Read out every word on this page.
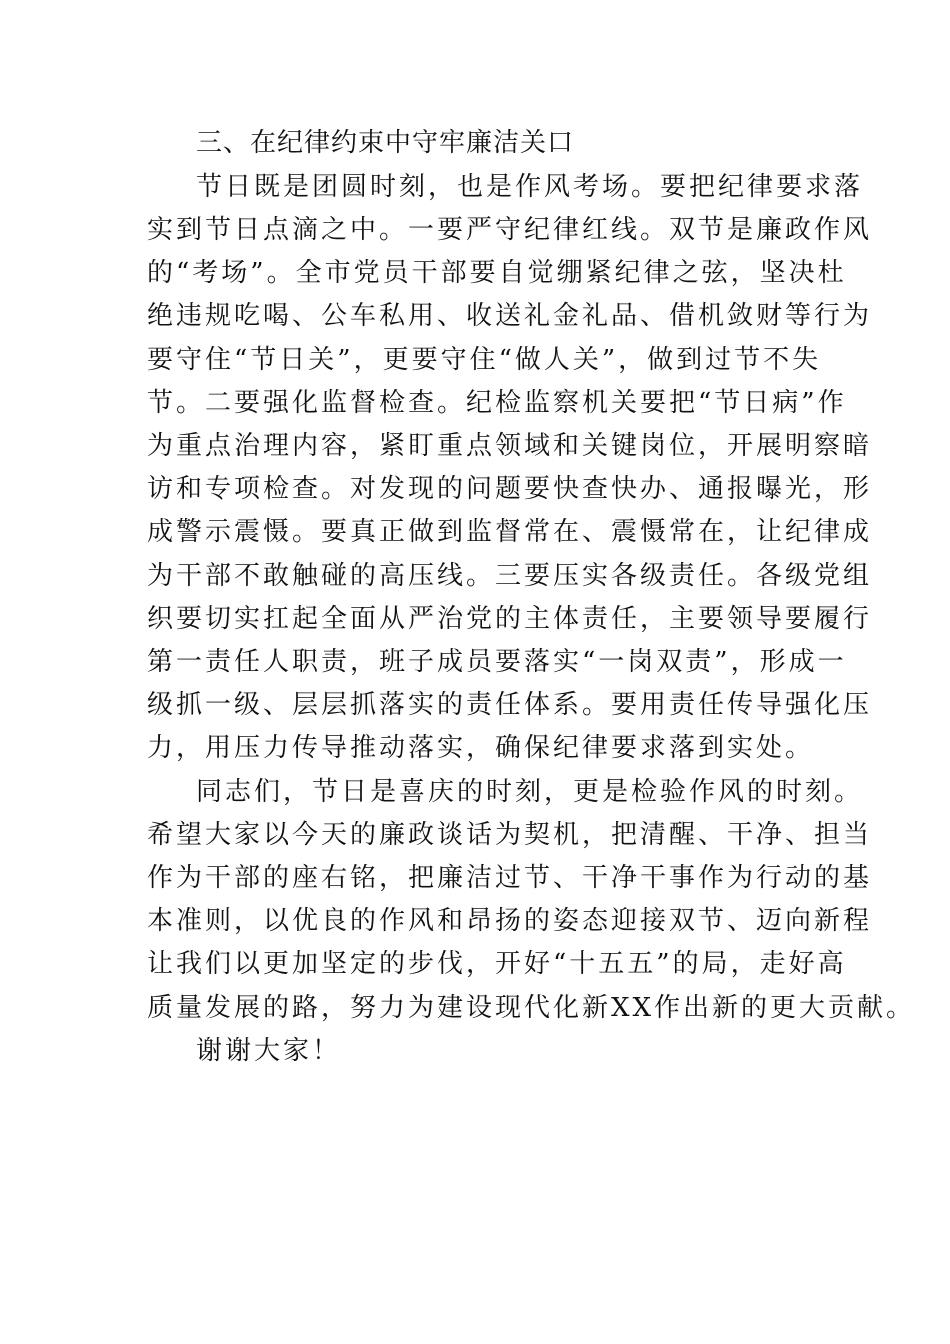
三、在纪律约束中守牢廉洁关口
节日既是团圆时刻，也是作风考场。要把纪律要求落
实到节日点滴之中。一要严守纪律红线。双节是廉政作风
的“考场”。全市党员干部要自觉绷紧纪律之弦，坚决杜
绝违规吃喝、公车私用、收送礼金礼品、借机敛财等行为
要守住“节日关”，更要守住“做人关”，做到过节不失
节。二要强化监督检查。纪检监察机关要把“节日病”作
为重点治理内容，紧盯重点领域和关键岗位，开展明察暗
访和专项检查。对发现的问题要快查快办、通报曝光，形
成警示震慑。要真正做到监督常在、震慑常在，让纪律成
为干部不敢触碰的高压线。三要压实各级责任。各级党组
织要切实扛起全面从严治党的主体责任，主要领导要履行
第一责任人职责，班子成员要落实“一岗双责”，形成一
级抓一级、层层抓落实的责任体系。要用责任传导强化压
力，用压力传导推动落实，确保纪律要求落到实处。
同志们，节日是喜庆的时刻，更是检验作风的时刻。
希望大家以今天的廉政谈话为契机，把清醒、干净、担当
作为干部的座右铭，把廉洁过节、干净干事作为行动的基
本准则，以优良的作风和昂扬的姿态迎接双节、迈向新程
让我们以更加坚定的步伐，开好“十五五”的局，走好高
质量发展的路，努力为建设现代化新XX作出新的更大贡献。
谢谢大家！
